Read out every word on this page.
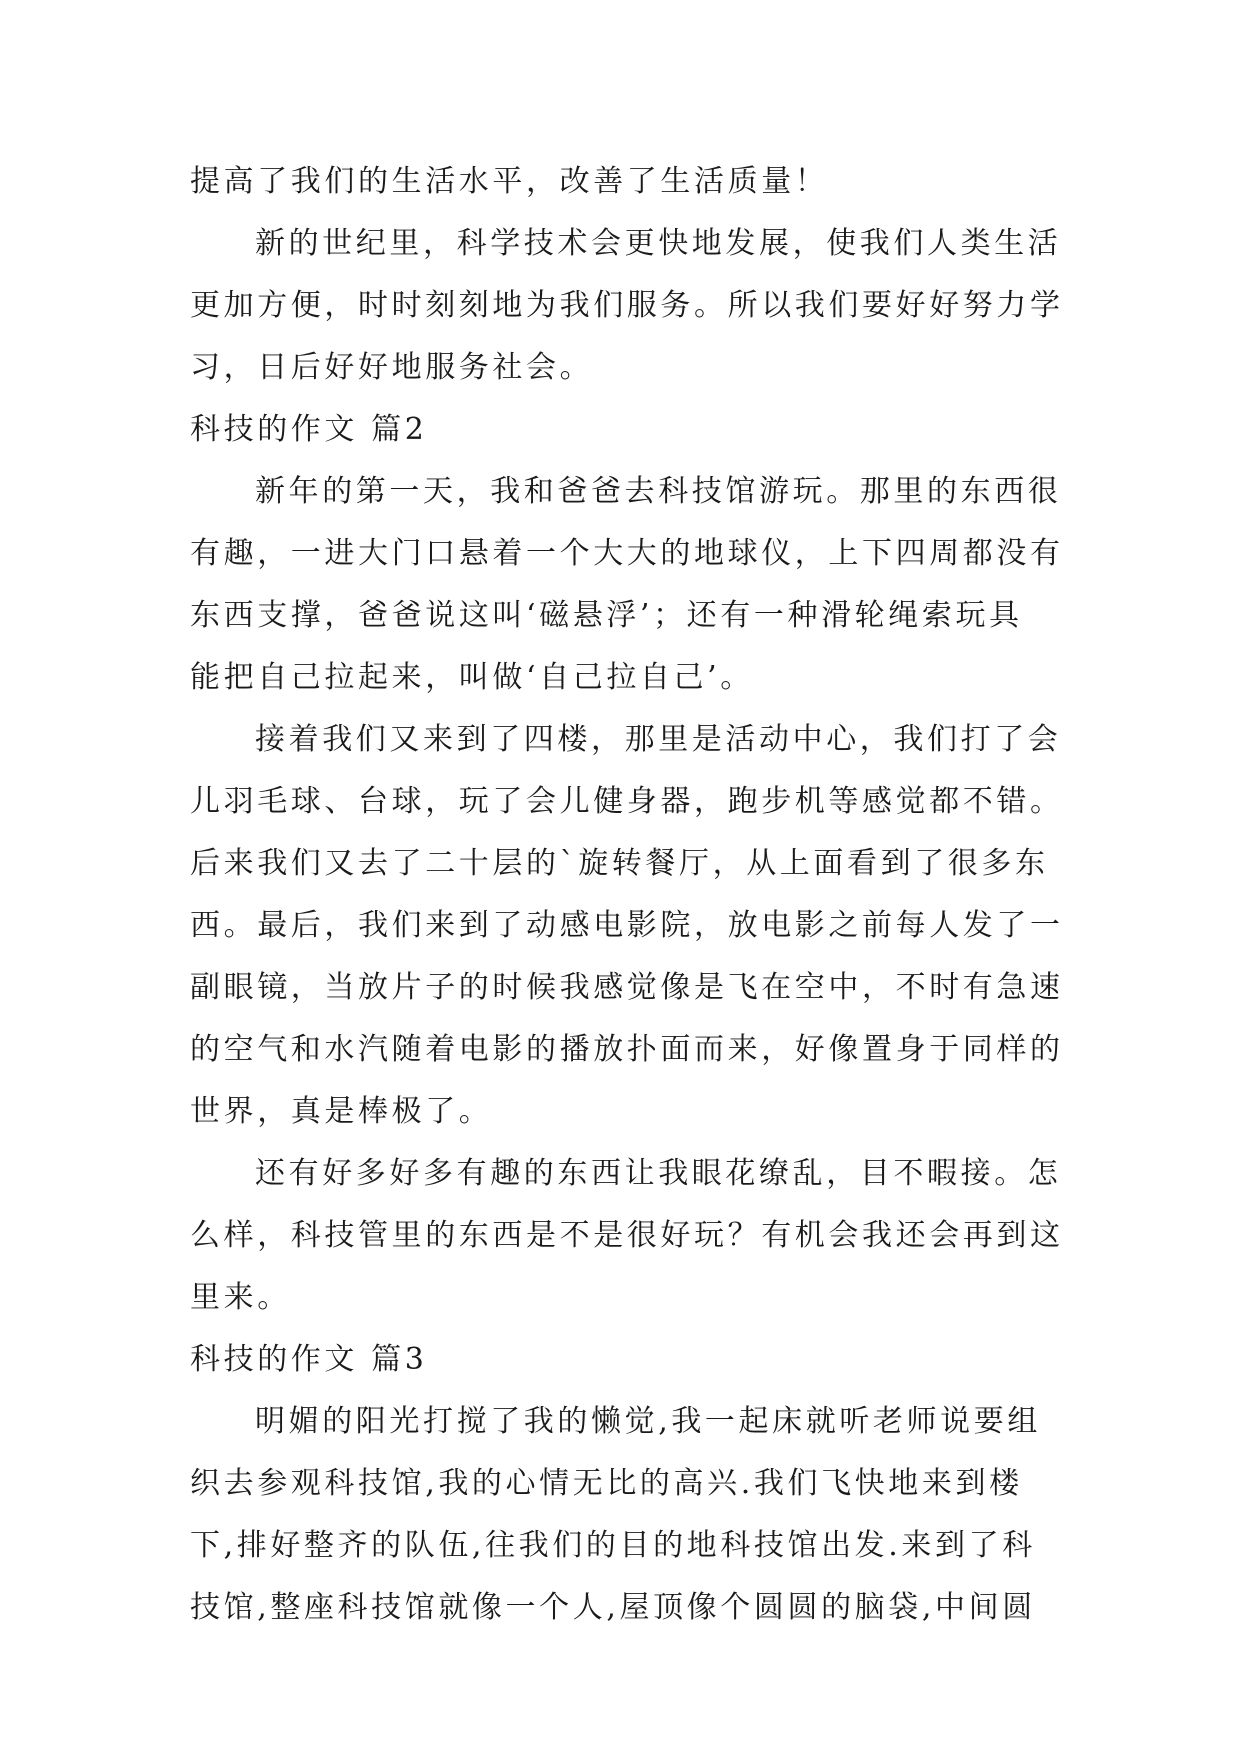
提高了我们的生活水平，改善了生活质量！
新的世纪里，科学技术会更快地发展，使我们人类生活
更加方便，时时刻刻地为我们服务。所以我们要好好努力学
习，日后好好地服务社会。
科技的作文 篇2
新年的第一天，我和爸爸去科技馆游玩。那里的东西很
有趣，一进大门口悬着一个大大的地球仪，上下四周都没有
东西支撑，爸爸说这叫‘磁悬浮’；还有一种滑轮绳索玩具
能把自己拉起来，叫做‘自己拉自己’。
接着我们又来到了四楼，那里是活动中心，我们打了会
儿羽毛球、台球，玩了会儿健身器，跑步机等感觉都不错。
后来我们又去了二十层的`旋转餐厅，从上面看到了很多东
西。最后，我们来到了动感电影院，放电影之前每人发了一
副眼镜，当放片子的时候我感觉像是飞在空中，不时有急速
的空气和水汽随着电影的播放扑面而来，好像置身于同样的
世界，真是棒极了。
还有好多好多有趣的东西让我眼花缭乱，目不暇接。怎
么样，科技管里的东西是不是很好玩？有机会我还会再到这
里来。
科技的作文 篇3
明媚的阳光打搅了我的懒觉,我一起床就听老师说要组
织去参观科技馆,我的心情无比的高兴.我们飞快地来到楼
下,排好整齐的队伍,往我们的目的地科技馆出发.来到了科
技馆,整座科技馆就像一个人,屋顶像个圆圆的脑袋,中间圆
